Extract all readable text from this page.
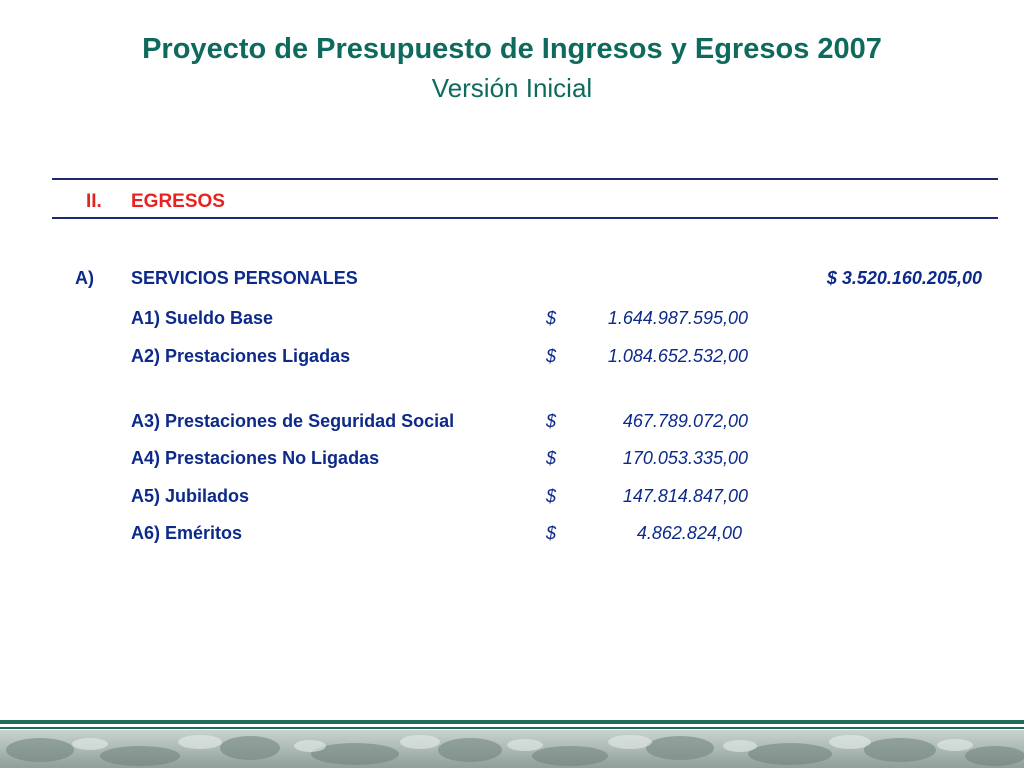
Proyecto de Presupuesto de Ingresos y Egresos 2007
Versión Inicial
II. EGRESOS
A) SERVICIOS PERSONALES	$ 3.520.160.205,00
A1) Sueldo Base	$	1.644.987.595,00
A2) Prestaciones Ligadas	$	1.084.652.532,00
A3) Prestaciones de Seguridad Social	$	467.789.072,00
A4) Prestaciones No Ligadas	$	170.053.335,00
A5) Jubilados	$	147.814.847,00
A6) Eméritos	$	4.862.824,00
